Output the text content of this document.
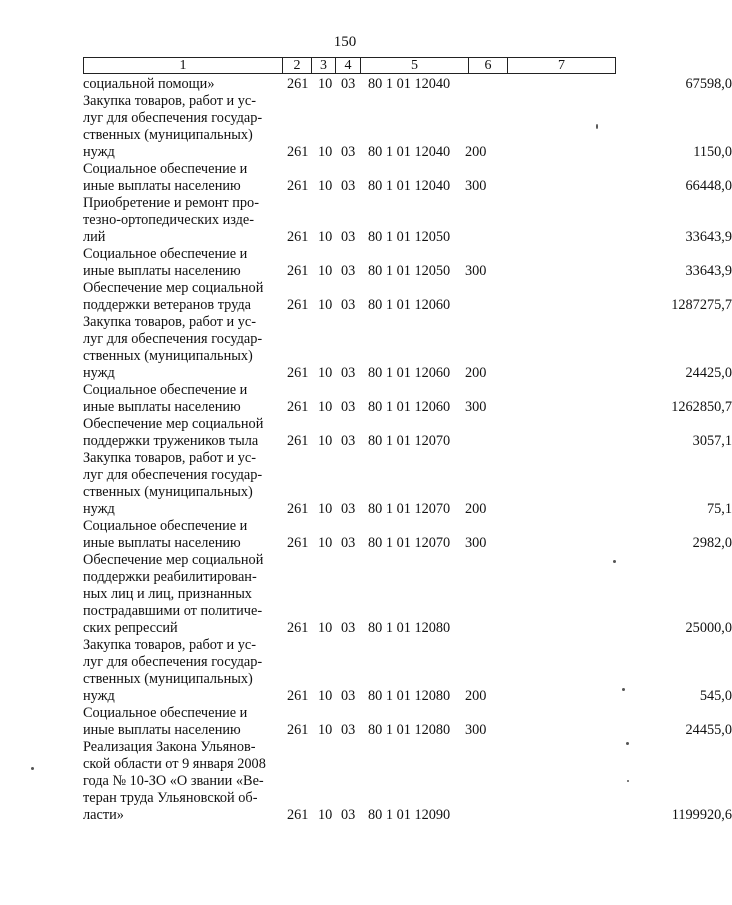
150
1	2	3	4	5	6	7
социальной помощи»	261 10 03 80 1 01 12040	67598,0
Закупка товаров, работ и ус-
луг для обеспечения государ-
ственных (муниципальных)
нужд	261 10 03 80 1 01 12040 200	1150,0
Социальное обеспечение и
иные выплаты населению	261 10 03 80 1 01 12040 300	66448,0
Приобретение и ремонт про-
тезно-ортопедических изде-
лий	261 10 03 80 1 01 12050	33643,9
Социальное обеспечение и
иные выплаты населению	261 10 03 80 1 01 12050 300	33643,9
Обеспечение мер социальной
поддержки ветеранов труда	261 10 03 80 1 01 12060	1287275,7
Закупка товаров, работ и ус-
луг для обеспечения государ-
ственных (муниципальных)
нужд	261 10 03 80 1 01 12060 200	24425,0
Социальное обеспечение и
иные выплаты населению	261 10 03 80 1 01 12060 300	1262850,7
Обеспечение мер социальной
поддержки тружеников тыла	261 10 03 80 1 01 12070	3057,1
Закупка товаров, работ и ус-
луг для обеспечения государ-
ственных (муниципальных)
нужд	261 10 03 80 1 01 12070 200	75,1
Социальное обеспечение и
иные выплаты населению	261 10 03 80 1 01 12070 300	2982,0
Обеспечение мер социальной
поддержки реабилитирован-
ных лиц и лиц, признанных
пострадавшими от политиче-
ских репрессий	261 10 03 80 1 01 12080	25000,0
Закупка товаров, работ и ус-
луг для обеспечения государ-
ственных (муниципальных)
нужд	261 10 03 80 1 01 12080 200	545,0
Социальное обеспечение и
иные выплаты населению	261 10 03 80 1 01 12080 300	24455,0
Реализация Закона Ульянов-
ской области от 9 января 2008
года № 10-ЗО «О звании «Ве-
теран труда Ульяновской об-
ласти»	261 10 03 80 1 01 12090	1199920,6
